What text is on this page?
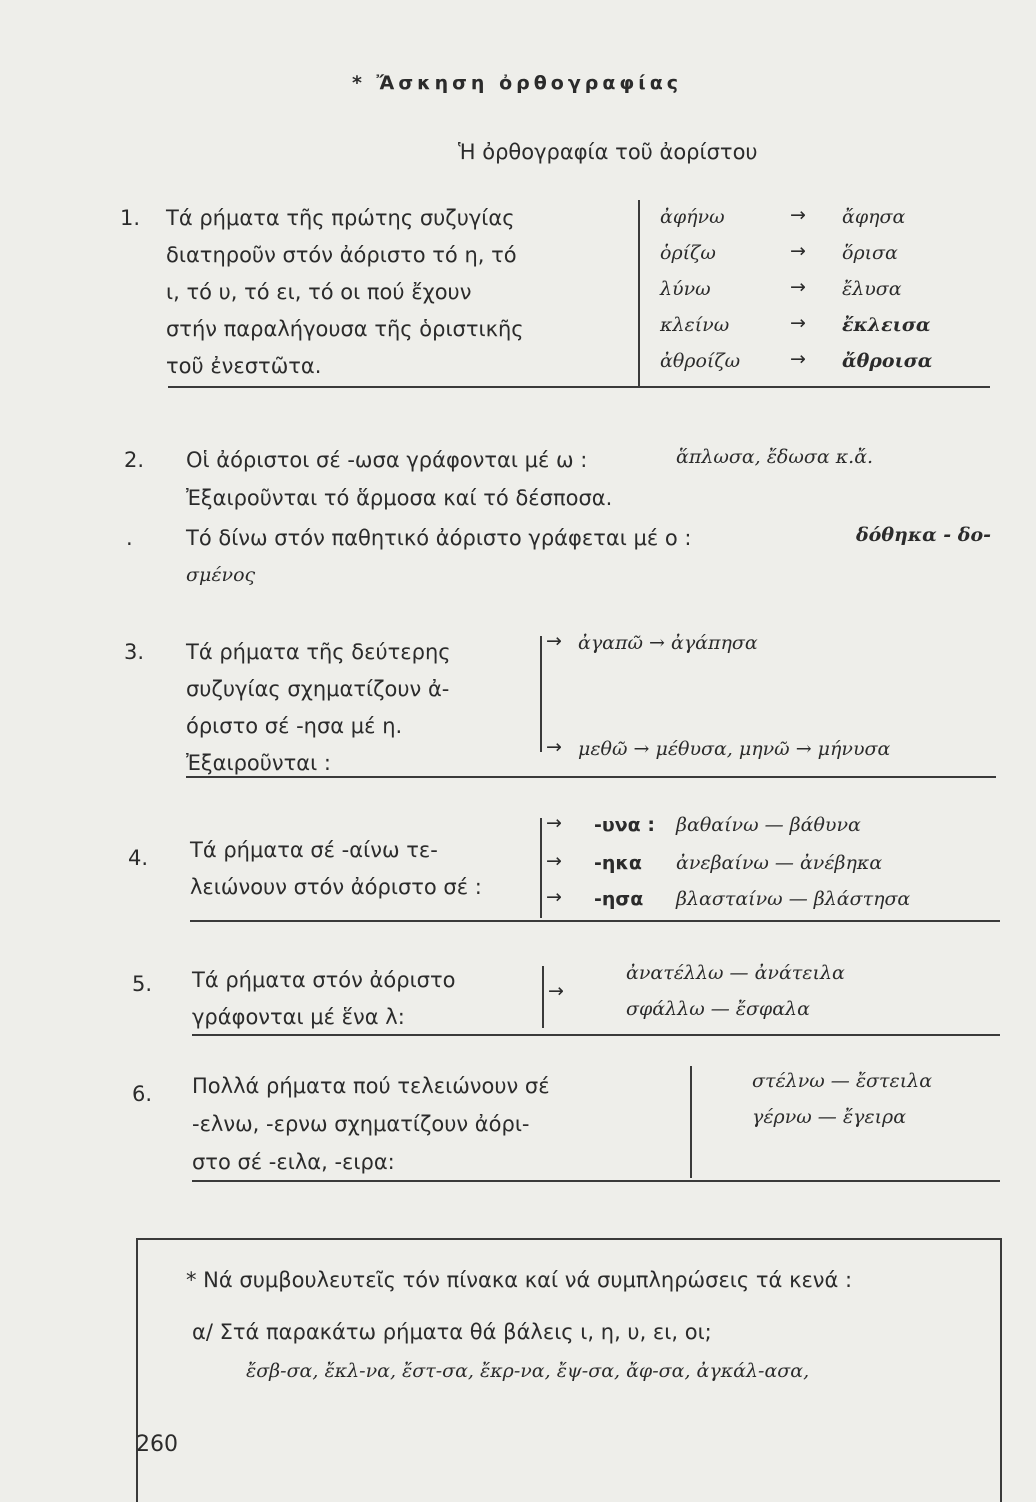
* Ἄσκηση ὀρθογραφίας
Ἡ ὀρθογραφία τοῦ ἀορίστου
1. Τά ρήματα τῆς πρώτης συζυγίας
διατηροῦν στόν ἀόριστο τό η, τό
ι, τό υ, τό ει, τό οι πού ἔχουν
στήν παραλήγουσα τῆς ὁριστικῆς
τοῦ ἐνεστῶτα.
ἀφήνω	→ ἄφησα
ὁρίζω	→ ὅρισα
λύνω	→ ἔλυσα
κλείνω	→ ἔκλεισα
ἀθροίζω	→ ἄθροισα
2. Οἱ ἀόριστοι σέ -ωσα γράφονται μέ ω :	ἅπλωσα, ἔδωσα κ.ἄ.
Ἐξαιροῦνται τό ἅρμοσα καί τό δέσποσα.
.	Τό δίνω στόν παθητικό ἀόριστο γράφεται μέ ο :	δόθηκα - δο-
σμένος
3. Τά ρήματα τῆς δεύτερης
συζυγίας σχηματίζουν ἀ-
όριστο σέ -ησα μέ η.
Ἐξαιροῦνται :
→ ἀγαπῶ → ἀγάπησα
→ μεθῶ → μέθυσα, μηνῶ → μήνυσα
4. Τά ρήματα σέ -αίνω τε-
λειώνουν στόν ἀόριστο σέ :
→ -υνα : βαθαίνω — βάθυνα
→ -ηκα ἀνεβαίνω — ἀνέβηκα
→ -ησα βλασταίνω — βλάστησα
5. Τά ρήματα στόν ἀόριστο
γράφονται μέ ἕνα λ:
→
ἀνατέλλω — ἀνάτειλα
σφάλλω — ἔσφαλα
6. Πολλά ρήματα πού τελειώνουν σέ
-ελνω, -ερνω σχηματίζουν ἀόρι-
στο σέ -ειλα, -ειρα:
στέλνω — ἔστειλα
γέρνω — ἔγειρα
* Νά συμβουλευτεῖς τόν πίνακα καί νά συμπληρώσεις τά κενά :
α/ Στά παρακάτω ρήματα θά βάλεις ι, η, υ, ει, οι;
ἔσβ-σα, ἔκλ-να, ἔστ-σα, ἔκρ-να, ἔψ-σα, ἄφ-σα, ἀγκάλ-ασα,
260
